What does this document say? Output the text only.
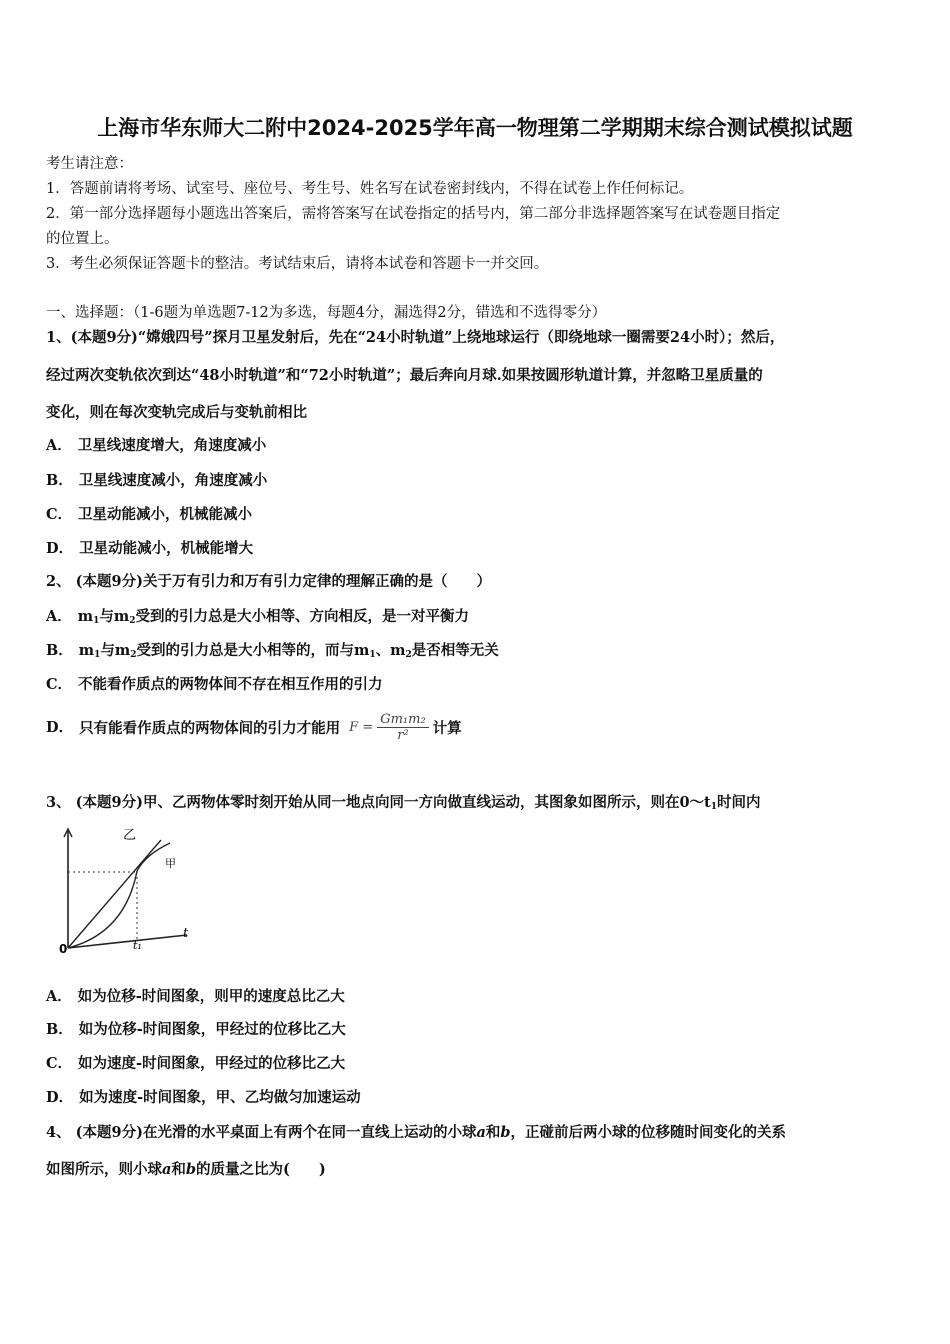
上海市华东师大二附中2024-2025学年高一物理第二学期期末综合测试模拟试题
考生请注意：
1．答题前请将考场、试室号、座位号、考生号、姓名写在试卷密封线内，不得在试卷上作任何标记。
2．第一部分选择题每小题选出答案后，需将答案写在试卷指定的括号内，第二部分非选择题答案写在试卷题目指定
的位置上。
3．考生必须保证答题卡的整洁。考试结束后，请将本试卷和答题卡一并交回。
一、选择题：（1-6题为单选题7-12为多选，每题4分，漏选得2分，错选和不选得零分）
1、(本题9分)“嫦娥四号”探月卫星发射后，先在“24小时轨道”上绕地球运行（即绕地球一圈需要24小时）；然后，
经过两次变轨依次到达“48小时轨道”和“72小时轨道”；最后奔向月球.如果按圆形轨道计算，并忽略卫星质量的
变化，则在每次变轨完成后与变轨前相比
A． 卫星线速度增大，角速度减小
B． 卫星线速度减小，角速度减小
C． 卫星动能减小，机械能减小
D． 卫星动能减小，机械能增大
2、 (本题9分)关于万有引力和万有引力定律的理解正确的是（　　）
A． $m_1$与$m_2$受到的引力总是大小相等、方向相反，是一对平衡力
B． $m_1$与$m_2$受到的引力总是大小相等的，而与$m_1$、$m_2$是否相等无关
C． 不能看作质点的两物体间不存在相互作用的引力
D． 只有能看作质点的两物体间的引力才能用 $F = \frac{\text{Gm₁m₂}}{\text{r²}}$ 计算
3、 (本题9分)甲、乙两物体零时刻开始从同一地点向同一方向做直线运动，其图象如图所示，则在$0\sim t_1$时间内
乙
甲
0	t₁
t
A． 如为位移-时间图象，则甲的速度总比乙大
B． 如为位移-时间图象，甲经过的位移比乙大
C． 如为速度-时间图象，甲经过的位移比乙大
D． 如为速度-时间图象，甲、乙均做匀加速运动
4、 (本题9分)在光滑的水平桌面上有两个在同一直线上运动的小球a和b，正碰前后两小球的位移随时间变化的关系
如图所示，则小球a和b的质量之比为(　　)
